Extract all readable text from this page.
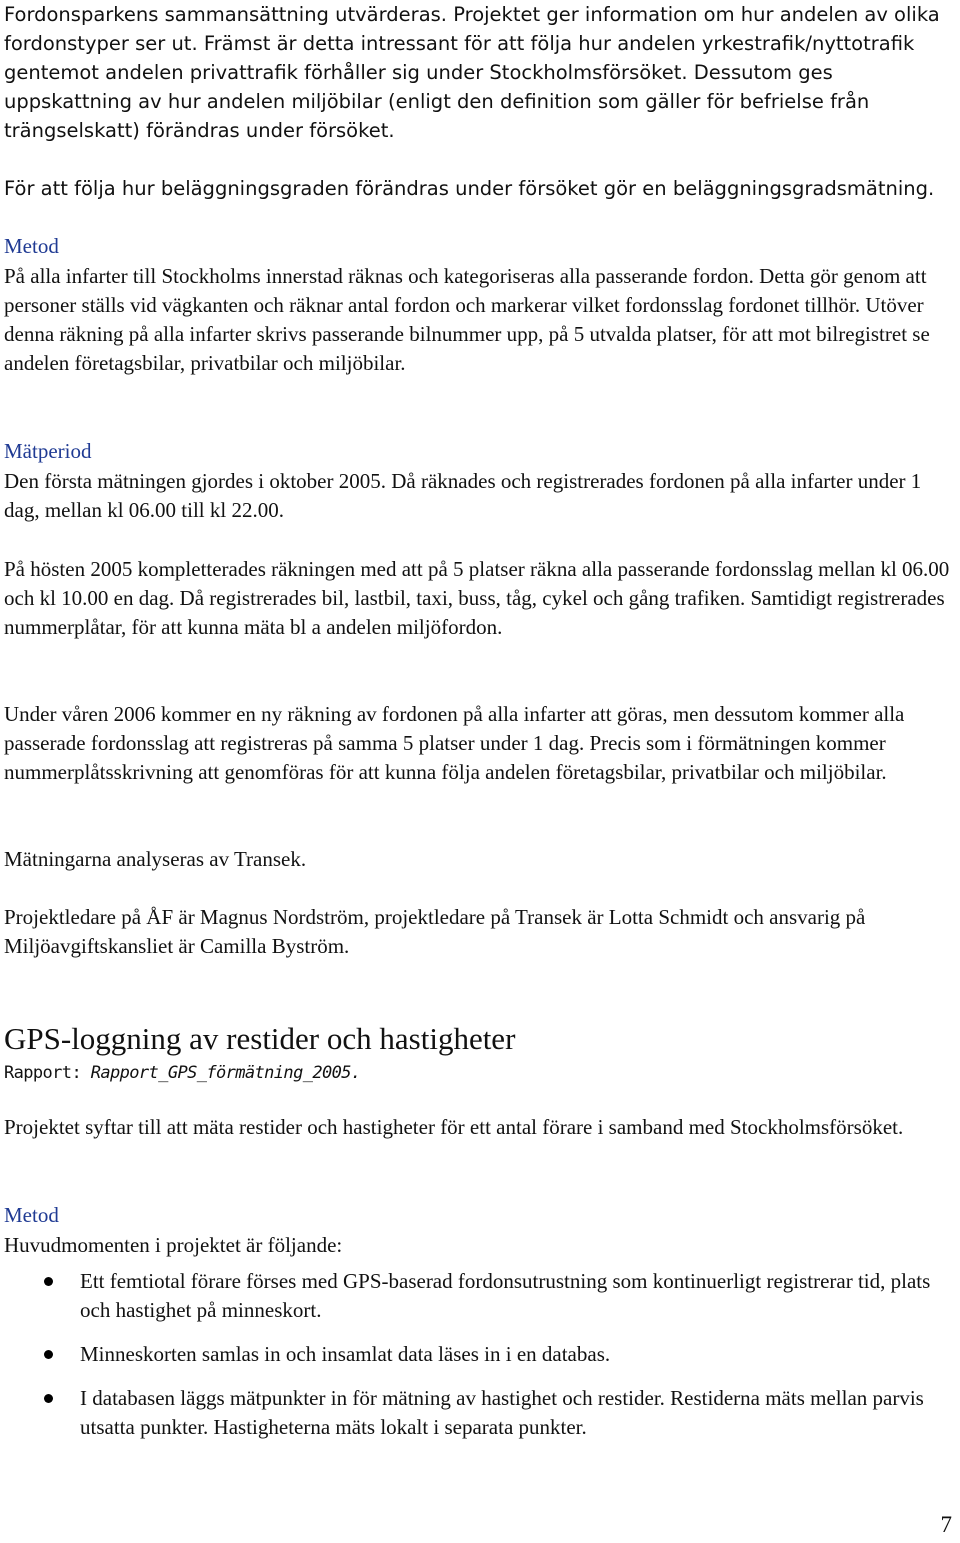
Fordonsparkens sammansättning utvärderas. Projektet ger information om hur andelen av olika fordonstyper ser ut. Främst är detta intressant för att följa hur andelen yrkestrafik/nyttotrafik gentemot andelen privattrafik förhåller sig under Stockholmsförsöket. Dessutom ges uppskattning av hur andelen miljöbilar (enligt den definition som gäller för befrielse från trängselskatt) förändras under försöket.

För att följa hur beläggningsgraden förändras under försöket gör en beläggningsgradsmätning.

Metod

På alla infarter till Stockholms innerstad räknas och kategoriseras alla passerande fordon. Detta gör genom att personer ställs vid vägkanten och räknar antal fordon och markerar vilket fordonsslag fordonet tillhör. Utöver denna räkning på alla infarter skrivs passerande bilnummer upp, på 5 utvalda platser, för att mot bilregistret se andelen företagsbilar, privatbilar och miljöbilar.

Mätperiod

Den första mätningen gjordes i oktober 2005. Då räknades och registrerades fordonen på alla infarter under 1 dag, mellan kl 06.00 till kl 22.00.

På hösten 2005 kompletterades räkningen med att på 5 platser räkna alla passerande fordonsslag mellan kl 06.00 och kl 10.00 en dag. Då registrerades bil, lastbil, taxi, buss, tåg, cykel och gång trafiken. Samtidigt registrerades nummerplåtar, för att kunna mäta bl a andelen miljöfordon.

Under våren 2006 kommer en ny räkning av fordonen på alla infarter att göras, men dessutom kommer alla passerade fordonsslag att registreras på samma 5 platser under 1 dag. Precis som i förmätningen kommer nummerplåtsskrivning att genomföras för att kunna följa andelen företagsbilar, privatbilar och miljöbilar.

Mätningarna analyseras av Transek.

Projektledare på ÅF är Magnus Nordström, projektledare på Transek är Lotta Schmidt och ansvarig på Miljöavgiftskansliet är Camilla Byström.

GPS-loggning av restider och hastigheter
Rapport: Rapport_GPS_förmätning_2005.

Projektet syftar till att mäta restider och hastigheter för ett antal förare i samband med Stockholmsförsöket.

Metod

Huvudmomenten i projektet är följande:

Ett femtiotal förare förses med GPS-baserad fordonsutrustning som kontinuerligt registrerar tid, plats och hastighet på minneskort.
Minneskorten samlas in och insamlat data läses in i en databas.
I databasen läggs mätpunkter in för mätning av hastighet och restider. Restiderna mäts mellan parvis utsatta punkter. Hastigheterna mäts lokalt i separata punkter.
7
